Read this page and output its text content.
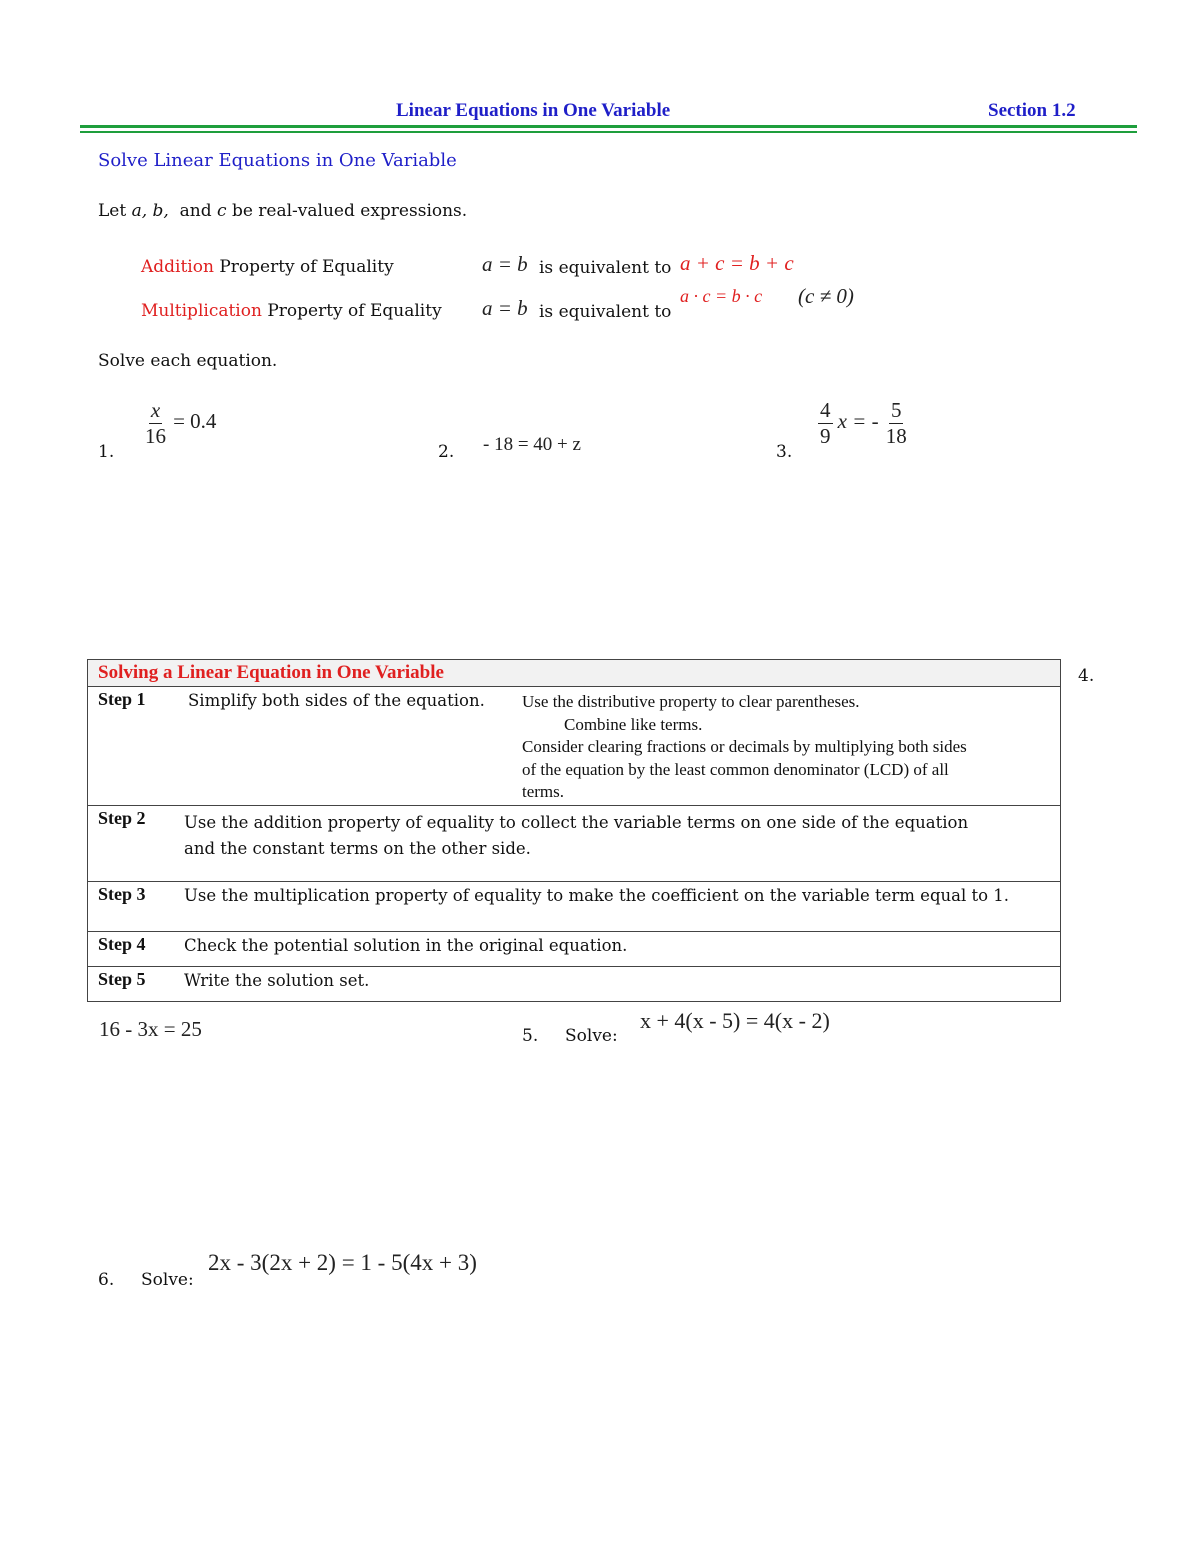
Linear Equations in One Variable	Section 1.2
Solve Linear Equations in One Variable
Let a, b, and c be real-valued expressions.
Addition Property of Equality	a = b is equivalent to a + c = b + c
Multiplication Property of Equality a = b is equivalent to
a · c = b · c (c ≠ 0)
Solve each equation.
1.
$\frac{x}{16} = 0.4$
2. - 18 = 40 + z	3.
$\frac{4}{9}$ x = - $\frac{5}{18}$
Solving a Linear Equation in One Variable

Step 1	Simplify both sides of the equation. Use the distributive property to clear parentheses.
Combine like terms.
Consider clearing fractions or decimals by multiplying both sides
of the equation by the least common denominator (LCD) of all
terms.

Step 2 Use the addition property of equality to collect the variable terms on one side of the equation
and the constant terms on the other side.

Step 3 Use the multiplication property of equality to make the coefficient on the variable term equal to 1.

Step 4 Check the potential solution in the original equation.

Step 5 Write the solution set.
4.
16 - 3x = 25	5. Solve:
x + 4(x - 5) = 4(x - 2)
6. Solve:
2x - 3(2x + 2) = 1 - 5(4x + 3)
